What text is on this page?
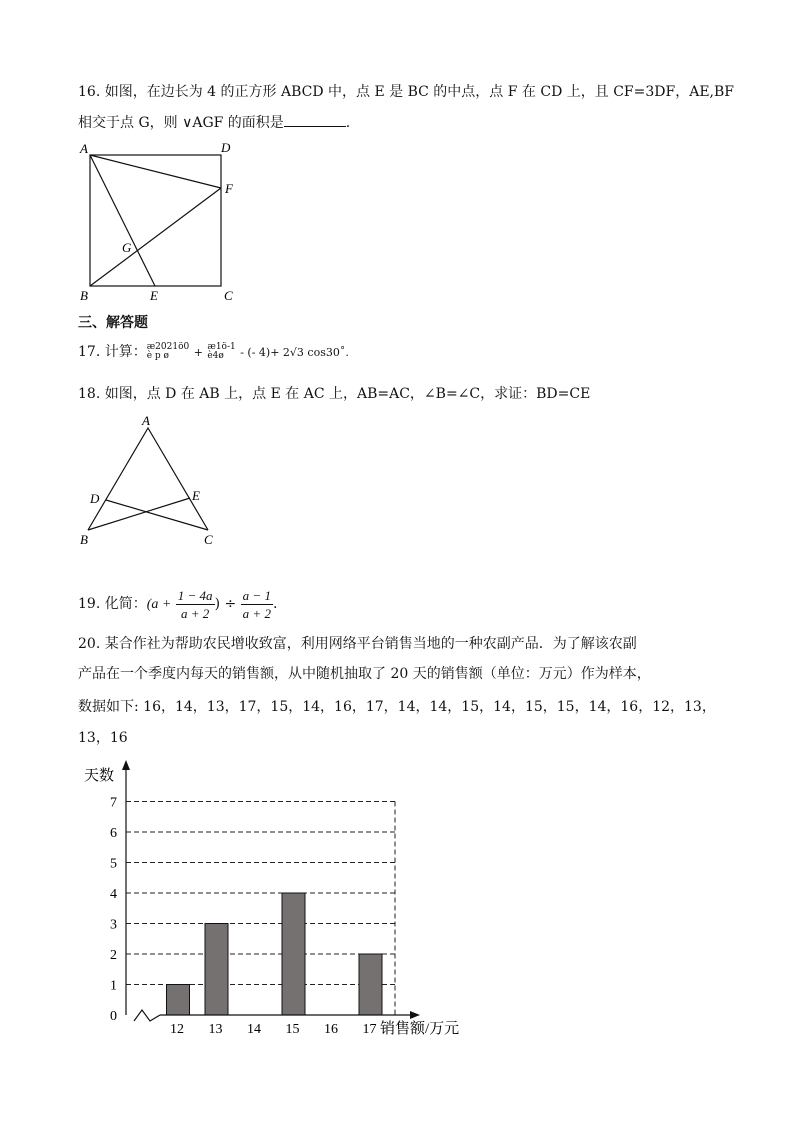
16. 如图，在边长为 4 的正方形 ABCD 中，点 E 是 BC 的中点，点 F 在 CD 上，且 CF=3DF，AE,BF
相交于点 G，则 ∨AGF 的面积是	.
A	D
F
G
B	E	C
三、解答题
17. 计算： æ2021ö0
è p ø	+ æ1ö-1
è4ø	- (- 4)+ 2√3 cos30˚.
18. 如图，点 D 在 AB 上，点 E 在 AC 上，AB=AC，∠B=∠C，求证：BD=CE
A
D	E
B	C
19. 化简：($a + \frac{1 - 4a}{a + 2}$ ) ÷ $\frac{a - 1}{a + 2}$ .
20. 某合作社为帮助农民增收致富，利用网络平台销售当地的一种农副产品．为了解该农副
产品在一个季度内每天的销售额，从中随机抽取了 20 天的销售额（单位：万元）作为样本，
数据如下: 16，14，13，17，15，14，16，17，14，14，15，14，15，15，14，16，12，13，
13，16
0
1
2
3
4
5
6
7
12 13 14 15 16 17
天数
销售额/万元
